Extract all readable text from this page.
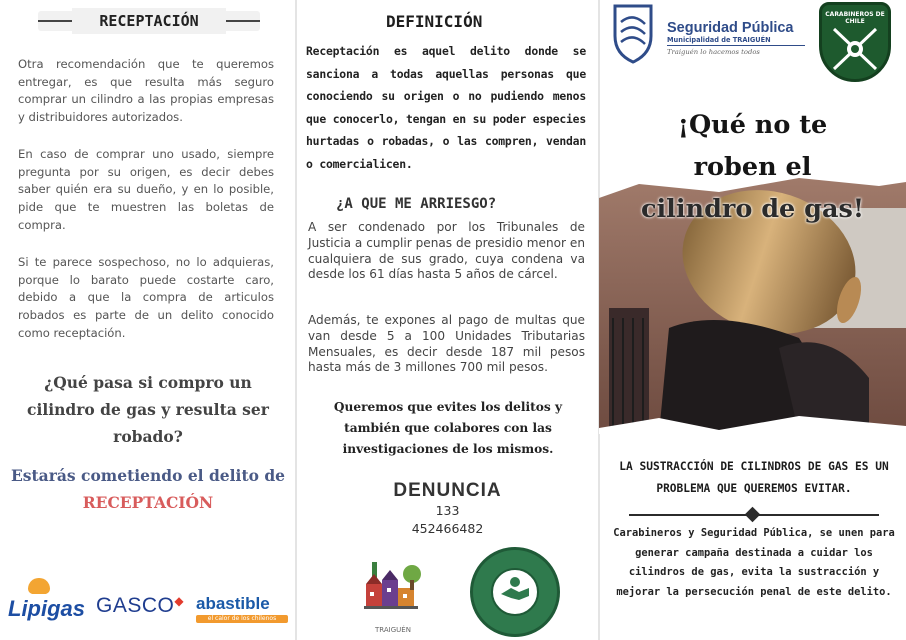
RECEPTACIÓN

Otra recomendación que te queremos entregar, es que resulta más seguro comprar un cilindro a las propias empresas y distribuidores autorizados.

En caso de comprar uno usado, siempre pregunta por su origen, es decir debes saber quién era su dueño, y en lo posible, pide que te muestren las boletas de compra.

Si te parece sospechoso, no lo adquieras, porque lo barato puede costarte caro, debido a que la compra de articulos robados es parte de un delito conocido como receptación.

¿Qué pasa si compro un cilindro de gas y resulta ser robado?

Estarás cometiendo el delito de RECEPTACIÓN

Lipigas GASCO◆ abastible
el calor de los chilenos
DEFINICIÓN

Receptación es aquel delito donde se sanciona a todas aquellas personas que conociendo su origen o no pudiendo menos que conocerlo, tengan en su poder especies hurtadas o robadas, o las compren, vendan o comercialicen.

¿A QUE ME ARRIESGO?

A ser condenado por los Tribunales de Justicia a cumplir penas de presidio menor en cualquiera de sus grado, cuya condena va desde los 61 días hasta 5 años de cárcel.

Además, te expones al pago de multas que van desde 5 a 100 Unidades Tributarias Mensuales, es decir desde 187 mil pesos hasta más de 3 millones 700 mil pesos.

Queremos que evites los delitos y también que colabores con las investigaciones de los mismos.

DENUNCIA
133
452466482
TRAIGUÉN
Seguridad Pública
Municipalidad de TRAIGUÉN
Traiguén lo hacemos todos
CARABINEROS DE CHILE
¡Qué no te
roben el
cilindro de gas!

LA SUSTRACCIÓN DE CILINDROS DE GAS ES UN PROBLEMA QUE QUEREMOS EVITAR.

Carabineros y Seguridad Pública, se unen para generar campaña destinada a cuidar los cilindros de gas, evita la sustracción y mejorar la persecución penal de este delito.
